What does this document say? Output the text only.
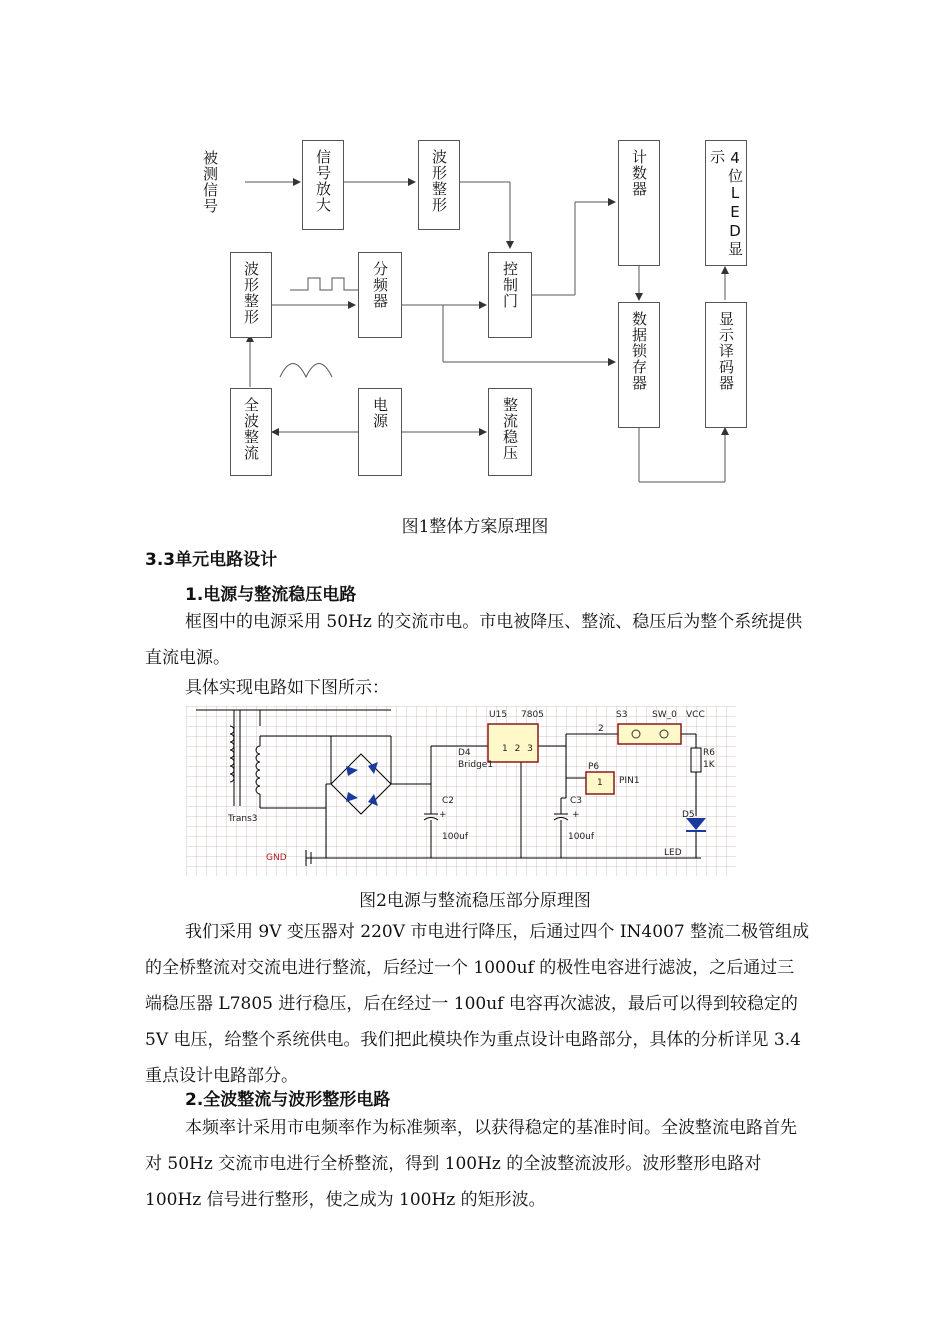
被测信号	信号放大	波形整形	计数器	4位LED显示
波形整形	分频器	控制门
数据锁存器	显示译码器
全波整流	电源	整流稳压
图1整体方案原理图
3.3单元电路设计
1.电源与整流稳压电路
框图中的电源采用 50Hz 的交流市电。市电被降压、整流、稳压后为整个系统提供直流电源。
具体实现电路如下图所示：
U15 7805
1 2 3
D4
Bridge1
Trans3
GND
C2
+
100uf
C3
+
100uf
P6
1 PIN1
S3	SW_0 VCC
2
R6
1K
D5
LED
图2电源与整流稳压部分原理图
我们采用 9V 变压器对 220V 市电进行降压，后通过四个 IN4007 整流二极管组成的全桥整流对交流电进行整流，后经过一个 1000uf 的极性电容进行滤波，之后通过三端稳压器 L7805 进行稳压，后在经过一 100uf 电容再次滤波，最后可以得到较稳定的 5V 电压，给整个系统供电。我们把此模块作为重点设计电路部分，具体的分析详见 3.4 重点设计电路部分。
2.全波整流与波形整形电路
本频率计采用市电频率作为标准频率，以获得稳定的基准时间。全波整流电路首先对 50Hz 交流市电进行全桥整流，得到 100Hz 的全波整流波形。波形整形电路对 100Hz 信号进行整形，使之成为 100Hz 的矩形波。
